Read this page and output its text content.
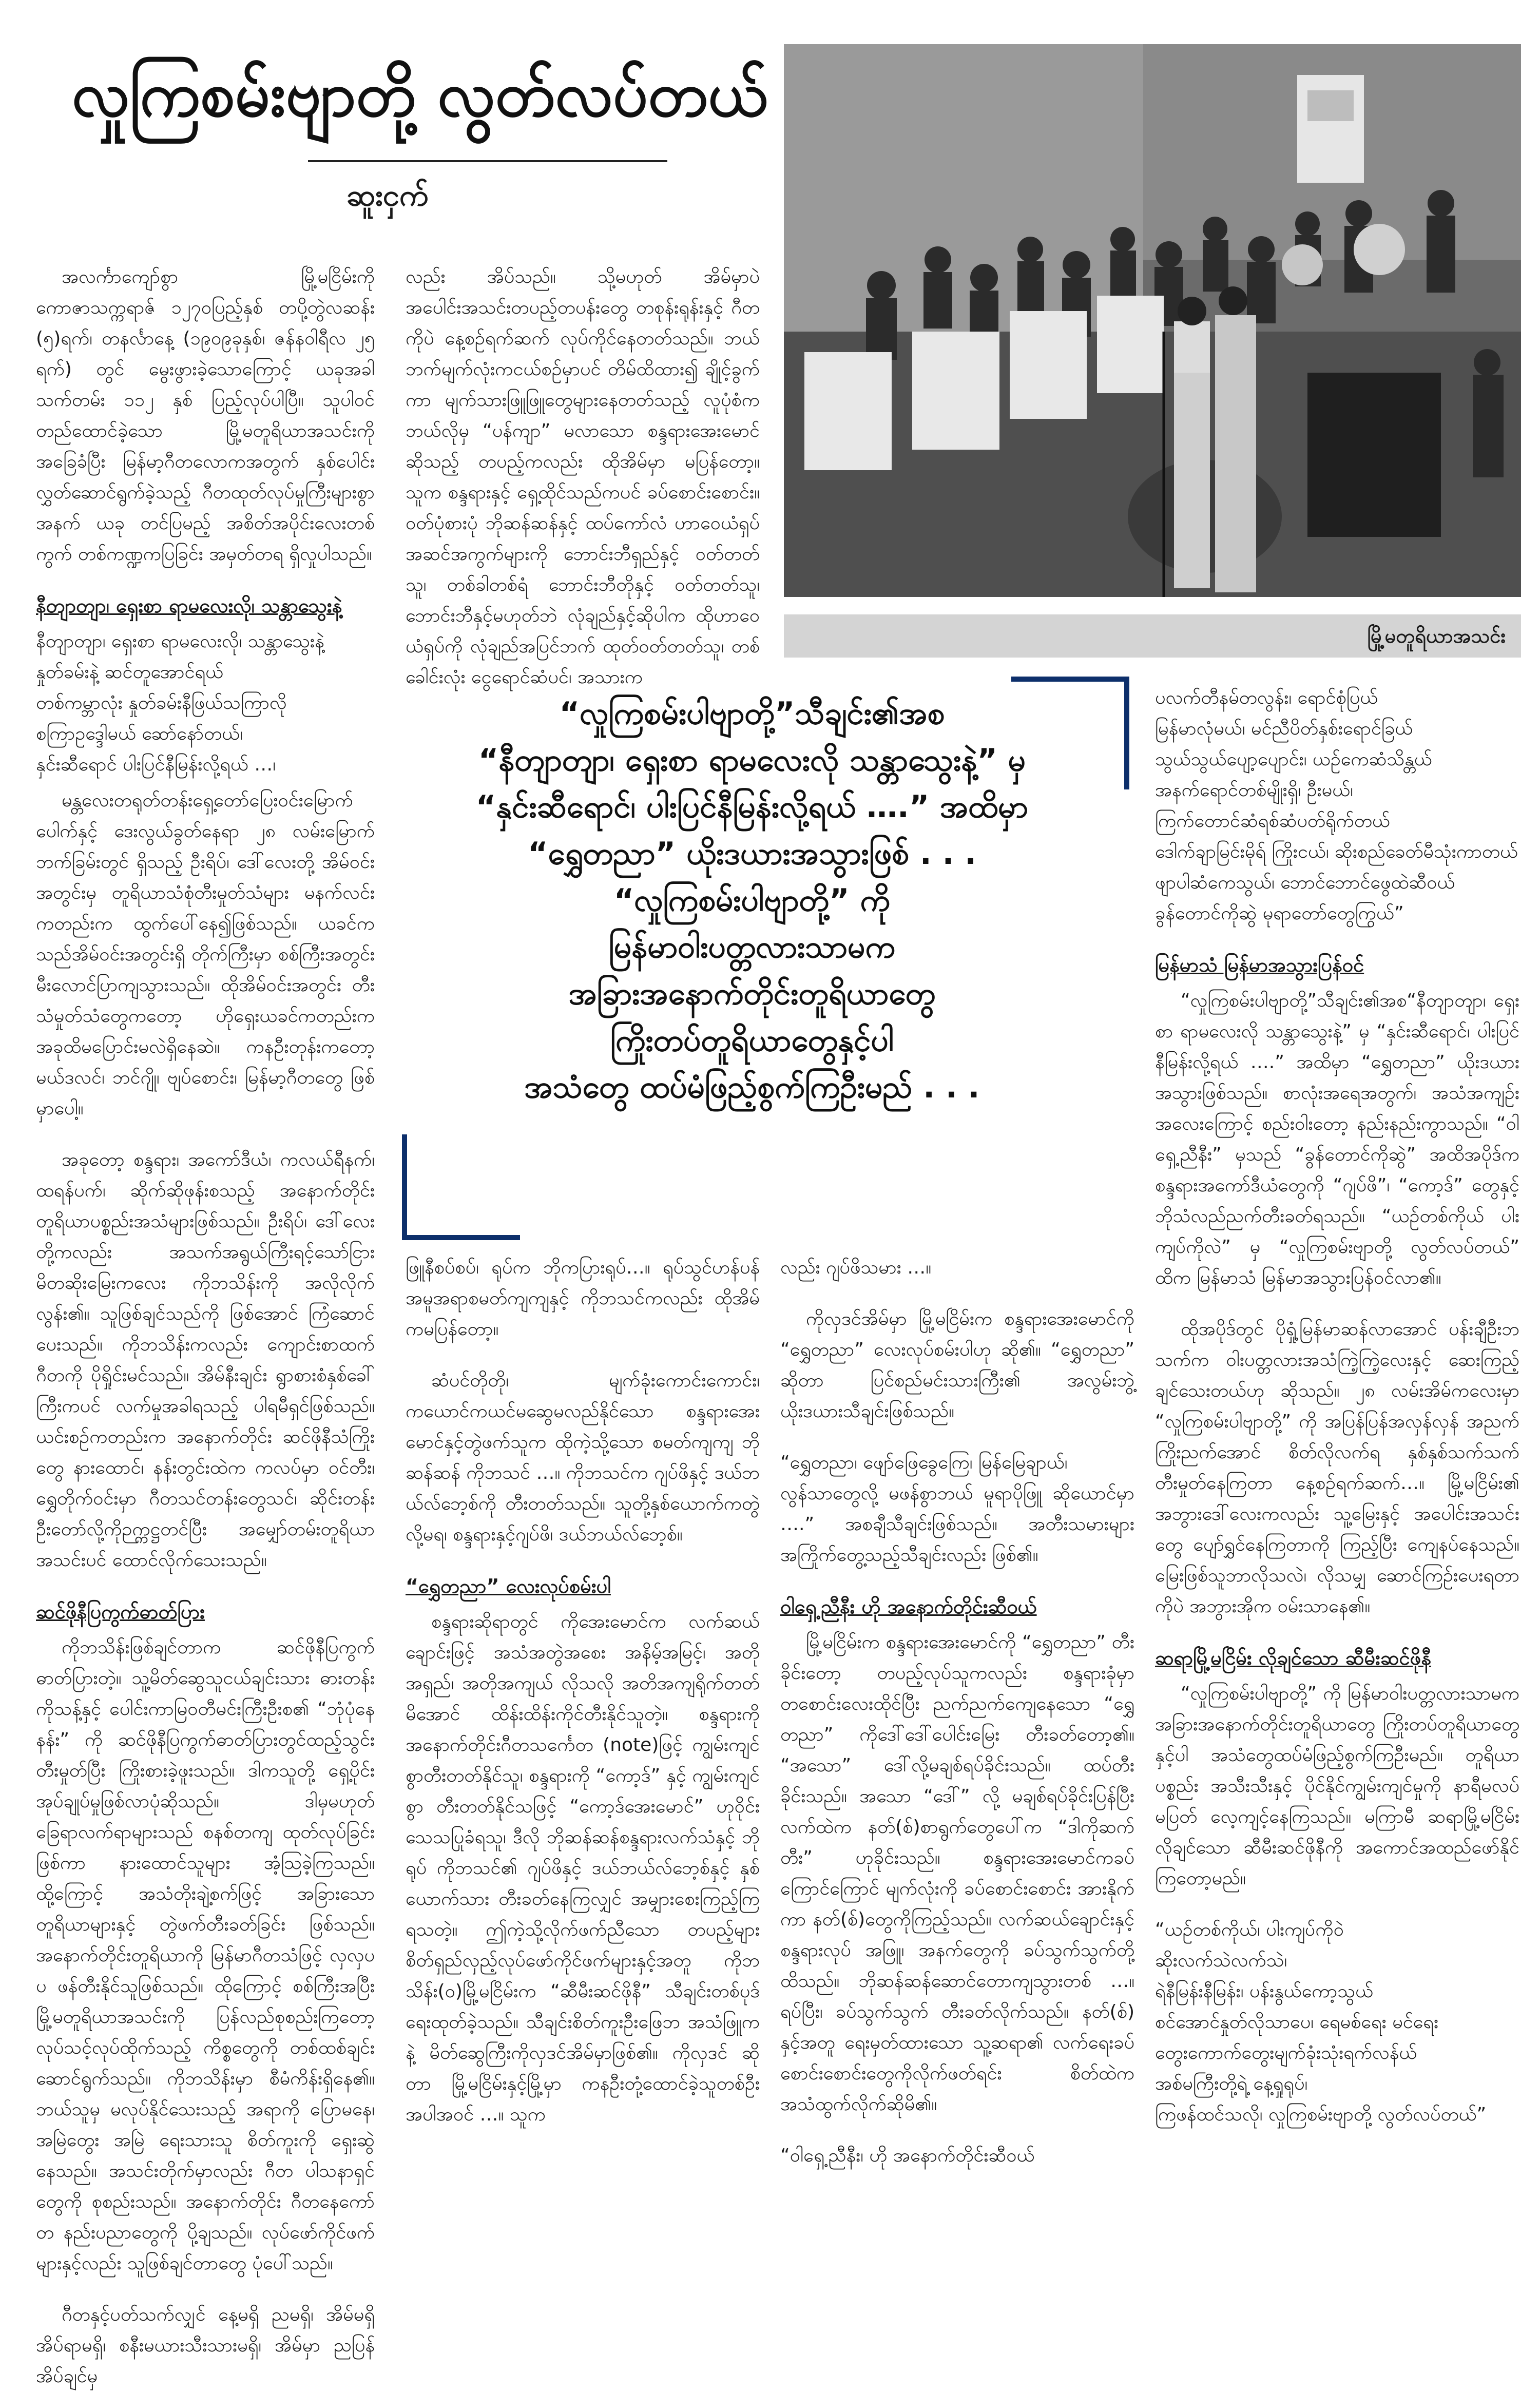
လှုကြစမ်းဗျာတို့ လွတ်လပ်တယ်
ဆူးငှက်
မြို့မတူရိယာအသင်း

အလင်္ကာကျော်စွာ မြို့မငြိမ်းကို ကောဇာသက္ကရာဇ် ၁၂၇၀ပြည့်နှစ် တပို့တွဲလဆန်း (၅)ရက်၊ တနင်္လာနေ့ (၁၉၀၉ခုနှစ်၊ ဇန်နဝါရီလ ၂၅ ရက်) တွင် မွေးဖွားခဲ့သောကြောင့် ယခုအခါ သက်တမ်း ၁၁၂ နှစ် ပြည့်လုပ်ပါပြီ။ သူပါဝင်တည်ထောင်ခဲ့သော မြို့မတူရိယာအသင်းကို အခြေခံပြီး မြန်မာ့ဂီတလောကအတွက် နှစ်ပေါင်းလွှတ်ဆောင်ရွက်ခဲ့သည့် ဂီတထုတ်လုပ်မှုကြီးများစွာအနက် ယခု တင်ပြမည့် အစိတ်အပိုင်းလေးတစ်ကွက် တစ်ကဏ္ဍကပြခြင်း အမှတ်တရ ရှိလှုပါသည်။

နီတျာတျာ၊ ရှေးစာ ရာမလေးလို၊ သန္တာသွေးနဲ့

နီတျာတျာ၊ ရှေးစာ ရာမလေးလို၊ သန္တာသွေးနဲ့

နှုတ်ခမ်းနဲ့ ဆင်တူအောင်ရယ်

တစ်ကမ္ဘာလုံး နှုတ်ခမ်းနီဖြယ်သကြာလို

စကြာဥဒ္ဒေါမယ် ဆော်နော်တယ်၊

နှင်းဆီရောင် ပါးပြင်နီမြန်းလို့ရယ် …၊

မန္တလေးတရုတ်တန်းရှေ့တော်ပြေးဝင်းမြောက်ပေါက်နှင့် ဒေးလွယ်ခွတ်နေရာ ၂၈ လမ်းမြောက်ဘက်ခြမ်းတွင် ရှိသည့် ဦးရိပ်၊ ဒေါ်လေးတို့ အိမ်ဝင်းအတွင်းမှ တူရိယာသံစုံတီးမှုတ်သံများ မနက်လင်းကတည်းက ထွက်ပေါ်နေ၍ဖြစ်သည်။ ယခင်က သည်အိမ်ဝင်းအတွင်းရှိ တိုက်ကြီးမှာ စစ်ကြီးအတွင်း မီးလောင်ပြာကျသွားသည်။ ထိုအိမ်ဝင်းအတွင်း တီးသံမှုတ်သံတွေကတော့ ဟိုရှေးယခင်ကတည်းက အခုထိမပြောင်းမလဲရှိနေဆဲ။ ကနဦးတုန်းကတော့ မယ်ဒလင်၊ ဘင်ဂျို၊ ဗျပ်စောင်း၊ မြန်မာ့ဂီတတွေ ဖြစ်မှာပေါ့။

အခုတော့ စန္ဒရား၊ အကော်ဒီယံ၊ ကလယ်ရီနက်၊ ထရန်ပက်၊ ဆိုက်ဆိုဖုန်းစသည့် အနောက်တိုင်း တူရိယာပစ္စည်းအသံများဖြစ်သည်။ ဦးရိပ်၊ ဒေါ်လေးတို့ကလည်း အသက်အရွယ်ကြီးရင့်သော်ငြား မိတဆိုးမြေးကလေး ကိုဘသိန်းကို အလိုလိုက်လွန်း၏။ သူဖြစ်ချင်သည်ကို ဖြစ်အောင် ကြံဆောင်ပေးသည်။ ကိုဘသိန်းကလည်း ကျောင်းစာထက် ဂီတကို ပိုရှိုင်းမင်သည်။ အိမ်နီးချင်း ရွာစားစံနှစ်ခေါ် ကြီးကပင် လက်မှုအခါရသည့် ပါရမီရှင်ဖြစ်သည်။ ယင်းစဉ်ကတည်းက အနောက်တိုင်း ဆင်ဖိုနီသံကြိုးတွေ နားထောင်၊ နန်းတွင်းထဲက ကလပ်မှာ ဝင်တီး၊ ရွှေတိုက်ဝင်းမှာ ဂီတသင်တန်းတွေသင်၊ ဆိုင်းတန်း ဦးတော်လို့ကိုဉက္ကဋ္ဌတင်ပြီး အမျှော်တမ်းတူရိယာအသင်းပင် ထောင်လိုက်သေးသည်။

ဆင်ဖိုနီပြကွက်ဓာတ်ပြား

ကိုဘသိန်းဖြစ်ချင်တာက ဆင်ဖိုနီပြကွက်ဓာတ်ပြားတဲ့။ သူ့မိတ်ဆွေသူငယ်ချင်းသား ဓားတန်းကိုသန့်နှင့် ပေါင်းကာမြဝတီမင်းကြီးဦးစ၏ “ဘုံပုံနေနန်း” ကို ဆင်ဖိုနီပြကွက်ဓာတ်ပြားတွင်ထည့်သွင်းတီးမှုတ်ပြီး ကြိုးစားခဲ့ဖူးသည်။ ဒါကသူတို့ ရှေ့ပိုင်းအုပ်ချုပ်မှုဖြစ်လာပုံဆိုသည်။ ဒါမှမဟုတ် ခြေရာလက်ရာများသည် စနစ်တကျ ထုတ်လုပ်ခြင်းဖြစ်ကာ နားထောင်သူများ အံ့ဩခဲ့ကြသည်။ ထို့ကြောင့် အသံတိုးချဲ့စက်ဖြင့် အခြားသော တူရိယာများနှင့် တွဲဖက်တီးခတ်ခြင်း ဖြစ်သည်။ အနောက်တိုင်းတူရိယာကို မြန်မာဂီတသံဖြင့် လှလှပပ ဖန်တီးနိုင်သူဖြစ်သည်။ ထိုကြောင့် စစ်ကြီးအပြီး မြို့မတူရိယာအသင်းကို ပြန်လည်စုစည်းကြတော့ လုပ်သင့်လုပ်ထိုက်သည့် ကိစ္စတွေကို တစ်ထစ်ချင်းဆောင်ရွက်သည်။ ကိုဘသိန်းမှာ စီမံကိန်းရှိနေ၏။ ဘယ်သူမှ မလုပ်နိုင်သေးသည့် အရာကို ပြောမနေ၊ အမြဲတွေး အမြဲ ရေးသားသူ စိတ်ကူးကို ရှေးဆွဲနေသည်။ အသင်းတိုက်မှာလည်း ဂီတ ပါသနာရှင်တွေကို စုစည်းသည်။ အနောက်တိုင်း ဂီတနေကော်တ နည်းပညာတွေကို ပို့ချသည်။ လုပ်ဖော်ကိုင်ဖက်များနှင့်လည်း သူဖြစ်ချင်တာတွေ ပုံပေါ်သည်။

ဂီတနှင့်ပတ်သက်လျှင် နေ့မရှိ ညမရှိ၊ အိမ်မရှိ အိပ်ရာမရှိ၊ စနီးမယားသီးသားမရှိ၊ အိမ်မှာ ညပြန်အိပ်ချင်မှ

လည်း အိပ်သည်။ သို့မဟုတ် အိမ်မှာပဲ အပေါင်းအသင်းတပည့်တပန်းတွေ တစုန်းရုန်းနှင့် ဂီတကိုပဲ နေ့စဉ်ရက်ဆက် လုပ်ကိုင်နေတတ်သည်။ ဘယ်ဘက်မျက်လုံးကငယ်စဉ်မှာပင် တိမ်ထိထား၍ ချိုင့်ခွက်ကာ မျက်သားဖြူဖြူတွေများနေတတ်သည့် လူပုံစံက ဘယ်လိုမှ “ပန်ကျာ” မလာသော စန္ဒရားအေးမောင် ဆိုသည့် တပည့်ကလည်း ထိုအိမ်မှာ မပြန်တော့။ သူက စန္ဒရားနှင့် ရှေ့ထိုင်သည်ကပင် ခပ်စောင်းစောင်း။ ဝတ်ပုံစားပုံ ဘိုဆန်ဆန်နှင့် ထပ်ကော်လံ ဟာဝေယံရှပ်အဆင်အကွက်များကို ဘောင်းဘီရှည်နှင့် ဝတ်တတ်သူ၊ တစ်ခါတစ်ရံ ဘောင်းဘီတိုနှင့် ဝတ်တတ်သူ၊ ဘောင်းဘီနှင့်မဟုတ်ဘဲ လုံချည်နှင့်ဆိုပါက ထိုဟာဝေယံရှပ်ကို လုံချည်အပြင်ဘက် ထုတ်ဝတ်တတ်သူ၊ တစ်ခေါင်းလုံး ငွေရောင်ဆံပင်၊ အသားက

“လှုကြစမ်းပါဗျာတို့”သီချင်း၏အစ
“နီတျာတျာ၊ ရှေးစာ ရာမလေးလို သန္တာသွေးနဲ့” မှ
“နှင်းဆီရောင်၊ ပါးပြင်နီမြန်းလို့ရယ် ….” အထိမှာ
“ရွှေတညာ” ယိုးဒယားအသွားဖြစ် . . .
“လှုကြစမ်းပါဗျာတို့” ကို
မြန်မာ၀ါးပတ္တလားသာမက
အခြားအနောက်တိုင်းတူရိယာတွေ
ကြိုးတပ်တူရိယာတွေနှင့်ပါ
အသံတွေ ထပ်မံဖြည့်စွက်ကြဦးမည် . . .

ဖြူနီစပ်စပ်၊ ရုပ်က ဘိုကပြားရုပ်…။ ရုပ်သွင်ဟန်ပန်အမူအရာစမတ်ကျကျနှင့် ကိုဘသင်ကလည်း ထိုအိမ်ကမပြန်တော့။

ဆံပင်တိုတို၊ မျက်ခုံးကောင်းကောင်း၊ ကယောင်ကယင်မဆွေမလည်နိုင်သော စန္ဒရားအေးမောင်နှင့်တွဲဖက်သူက ထိုကဲ့သို့သော စမတ်ကျကျ ဘိုဆန်ဆန် ကိုဘသင် …။ ကိုဘသင်က ဂျပ်ဖိနှင့် ဒယ်ဘယ်လ်ဘေ့စ်ကို တီးတတ်သည်။ သူတို့နှစ်ယောက်ကတွဲလို့မရ၊ စန္ဒရားနှင့်ဂျပ်ဖိ၊ ဒယ်ဘယ်လ်ဘေ့စ်။

“ရွှေတညာ” လေးလုပ်စမ်းပါ

စန္ဒရားဆိုရာတွင် ကိုအေးမောင်က လက်ဆယ်ချောင်းဖြင့် အသံအတွဲအစေး အနိမ့်အမြင့်၊ အတိုအရှည်၊ အတိုအကျယ် လိုသလို အတိအကျရိုက်တတ်မိအောင် ထိန်းထိန်းကိုင်တီးနိုင်သူတဲ့။ စန္ဒရားကို အနောက်တိုင်းဂီတသင်္ကေတ (note)ဖြင့် ကျွမ်းကျင်စွာတီးတတ်နိုင်သူ၊ စန္ဒရားကို “ကော့ဒ်” နှင့် ကျွမ်းကျင်စွာ တီးတတ်နိုင်သဖြင့် “ကော့ဒ်အေးမောင်” ဟုဝိုင်းသေသပြုခံရသူ၊ ဒီလို ဘိုဆန်ဆန်စန္ဒရားလက်သံနှင့် ဘိုရုပ် ကိုဘသင်၏ ဂျပ်ဖိနှင့် ဒယ်ဘယ်လ်ဘေ့စ်နှင့် နှစ်ယောက်သား တီးခတ်နေကြလျှင် အမျှားစေးကြည့်ကြရသတဲ့။ ဤကဲ့သို့လိုက်ဖက်ညီသော တပည့်များစိတ်ရှည်လှည့်လုပ်ဖော်ကိုင်ဖက်များနှင့်အတူ ကိုဘသိန်း(ဝ)မြို့မငြိမ်းက “ဆီမီးဆင်ဖိုနီ” သီချင်းတစ်ပုဒ်ရေးထုတ်ခဲ့သည်။ သီချင်းစိတ်ကူးဦးဖြေဘ အသံဖြူကနဲ့ မိတ်ဆွေကြီးကိုလှဒင်အိမ်မှာဖြစ်၏။ ကိုလှဒင် ဆိုတာ မြို့မငြိမ်းနှင့်မြို့မှာ ကနဦးတုံ့ထောင်ခဲ့သူတစ်ဦးအပါအဝင် …။ သူက

လည်း ဂျပ်ဖိသမား …။

ကိုလှဒင်အိမ်မှာ မြို့မငြိမ်းက စန္ဒရားအေးမောင်ကို “ရွှေတညာ” လေးလုပ်စမ်းပါဟု ဆို၏။ “ရွှေတညာ” ဆိုတာ ပြင်စည်မင်းသားကြီး၏ အလွမ်းဘွဲ့ ယိုးဒယားသီချင်းဖြစ်သည်။

“ရွှေတညာ၊ ဖျော်ဖြေခွေကြေ၊ မြန်မြေချာယ်၊

လွန်သာတွေလို့ မဖန်စွာဘယ် မူရာပိုဖြူ ဆိုယောင်မှာ ….” အစချီသီချင်းဖြစ်သည်။ အတီးသမားများ အကြိုက်တွေ့သည့်သီချင်းလည်း ဖြစ်၏။

ဝါရှေ့ညီနီး ဟို အနောက်တိုင်းဆီဝယ်

မြို့မငြိမ်းက စန္ဒရားအေးမောင်ကို “ရွှေတညာ” တီးခိုင်းတော့ တပည့်လုပ်သူကလည်း စန္ဒရားခုံမှာ တစောင်းလေးထိုင်ပြီး ညက်ညက်ကျေနေသော “ရွှေတညာ” ကိုဒေါ်ဒေါ်ပေါင်းမြေး တီးခတ်တော့၏။ “အသော” ဒေါ်လို့မချစ်ရပ်ခိုင်းသည်။ ထပ်တီးခိုင်းသည်။ အသော “ဒေါ်” လို့ မချစ်ရပ်ခိုင်းပြန်ပြီးလက်ထဲက နတ်(စ်)စာရွက်တွေပေါ်က “ဒါကိုဆက်တီး” ဟုခိုင်းသည်။ စန္ဒရားအေးမောင်ကခပ်ကြောင်ကြောင် မျက်လုံးကို ခပ်စောင်းစောင်း အားနိုက်ကာ နတ်(စ်)တွေကိုကြည့်သည်။ လက်ဆယ်ချောင်းနှင့် စန္ဒရားလုပ် အဖြူ၊ အနက်တွေကို ခပ်သွက်သွက်တို့ထိသည်။ ဘိုဆန်ဆန်ဆောင်တောကျသွားတစ် …။ ရပ်ပြီး၊ ခပ်သွက်သွက် တီးခတ်လိုက်သည်။ နတ်(စ်) နှင့်အတူ ရေးမှတ်ထားသော သူ့ဆရာ၏ လက်ရေးခပ်စောင်းစောင်းတွေကိုလိုက်ဖတ်ရင်း စိတ်ထဲက အသံထွက်လိုက်ဆိုမိ၏။

“ဝါရှေ့ညီနီး၊ ဟို အနောက်တိုင်းဆီဝယ်

ပလက်တီနမ်တလွန်း၊ ရောင်စုံပြယ်

မြန်မာလုံမယ်၊ မင်ညီပိတ်နှစ်းရောင်ခြယ်

သွယ်သွယ်ပျော့ပျောင်း၊ ယဉ်ကေဆံသိန္တယ်

အနက်ရောင်တစ်မျိုးရှိ၊ ဦးမယ်၊

ကြက်တောင်ဆံရစ်ဆံပတ်ရိုက်တယ်

ဒေါက်ချာမြင်းမိုရ် ကြိုးငယ်၊ ဆိုးစည်ခေတ်မီသုံးကာတယ်

ဖျာပါဆံကေသွယ်၊ ဘောင်ဘောင်ဖွေထဲဆီဝယ်

ခွန်တောင်ကိုဆွဲ မုရာတော်တွေကြွယ်”

မြန်မာသံ မြန်မာအသွားပြန်ဝင်

“လှုကြစမ်းပါဗျာတို့”သီချင်း၏အစ“နီတျာတျာ၊ ရှေးစာ ရာမလေးလို သန္တာသွေးနဲ့” မှ “နှင်းဆီရောင်၊ ပါးပြင်နီမြန်းလို့ရယ် ….” အထိမှာ “ရွှေတညာ” ယိုးဒယားအသွားဖြစ်သည်။ စာလုံးအရေအတွက်၊ အသံအကျဉ်းအလေးကြောင့် စည်းဝါးတော့ နည်းနည်းကွာသည်။ “ဝါရှေ့ညီနီး” မှသည် “ခွန်တောင်ကိုဆွဲ” အထိအပိုဒ်က စန္ဒရားအကော်ဒီယံတွေကို “ဂျပ်ဖိ”၊ “ကော့ဒ်” တွေနှင့် ဘိုသံလည်ညက်တီးခတ်ရသည်။ “ယဉ်တစ်ကိုယ် ပါးကျပ်ကိုလဲ” မှ “လှုကြစမ်းဗျာတို့ လွတ်လပ်တယ်” ထိက မြန်မာသံ မြန်မာအသွားပြန်ဝင်လာ၏။

ထိုအပိုဒ်တွင် ပိုရှုံ့မြန်မာဆန်လာအောင် ပန်းချီဦးဘသက်က ဝါးပတ္တလားအသံကြဲ့ကြဲ့လေးနှင့် ဆေးကြည့်ချင်သေးတယ်ဟု ဆိုသည်။ ၂၈ လမ်းအိမ်ကလေးမှာ “လှုကြစမ်းပါဗျာတို့” ကို အပြန်ပြန်အလှန်လှန် အညက်ကြိုးညက်အောင် စိတ်လိုလက်ရ နှစ်နှစ်သက်သက် တီးမှုတ်နေကြတာ နေ့စဉ်ရက်ဆက်…။ မြို့မငြိမ်း၏ အဘွားဒေါ်လေးကလည်း သူ့မြေးနှင့် အပေါင်းအသင်းတွေ ပျော်ရွှင်နေကြတာကို ကြည့်ပြီး ကျေနပ်နေသည်။ မြေးဖြစ်သူဘာလိုသလဲ၊ လိုသမျှ ဆောင်ကြဉ်းပေးရတာကိုပဲ အဘွားအိုက ဝမ်းသာနေ၏။

ဆရာမြို့မငြိမ်း လိုချင်သော ဆီမီးဆင်ဖိုနီ

“လှုကြစမ်းပါဗျာတို့” ကို မြန်မာဝါးပတ္တလားသာမက အခြားအနောက်တိုင်းတူရိယာတွေ ကြိုးတပ်တူရိယာတွေနှင့်ပါ အသံတွေထပ်မံဖြည့်စွက်ကြဦးမည်။ တူရိယာပစ္စည်း အသီးသီးနှင့် ပိုင်နိုင်ကျွမ်းကျင်မှုကို နာရီမလပ်မပြတ် လေ့ကျင့်နေကြသည်။ မကြာမီ ဆရာမြို့မငြိမ်း လိုချင်သော ဆီမီးဆင်ဖိုနီကို အကောင်အထည်ဖော်နိုင်ကြတော့မည်။

“ယဉ်တစ်ကိုယ်၊ ပါးကျပ်ကိုဝဲ

ဆိုးလက်သဲလက်သဲ၊

ရဲနီမြန်းနီမြန်း၊ ပန်းနွယ်ကော့သွယ်

စင်အောင်နှုတ်လိုသာပေ၊ ရေမစ်ရေး မင်ရေး

တွေးကောက်တွေးမျက်ခုံးသုံးရက်လန်ယ်

အစ်မကြီးတို့ရဲ့ နေ့ရှုရုပ်၊

ကြဖန်ထင်သလို၊ လှုကြစမ်းဗျာတို့ လွတ်လပ်တယ်”
